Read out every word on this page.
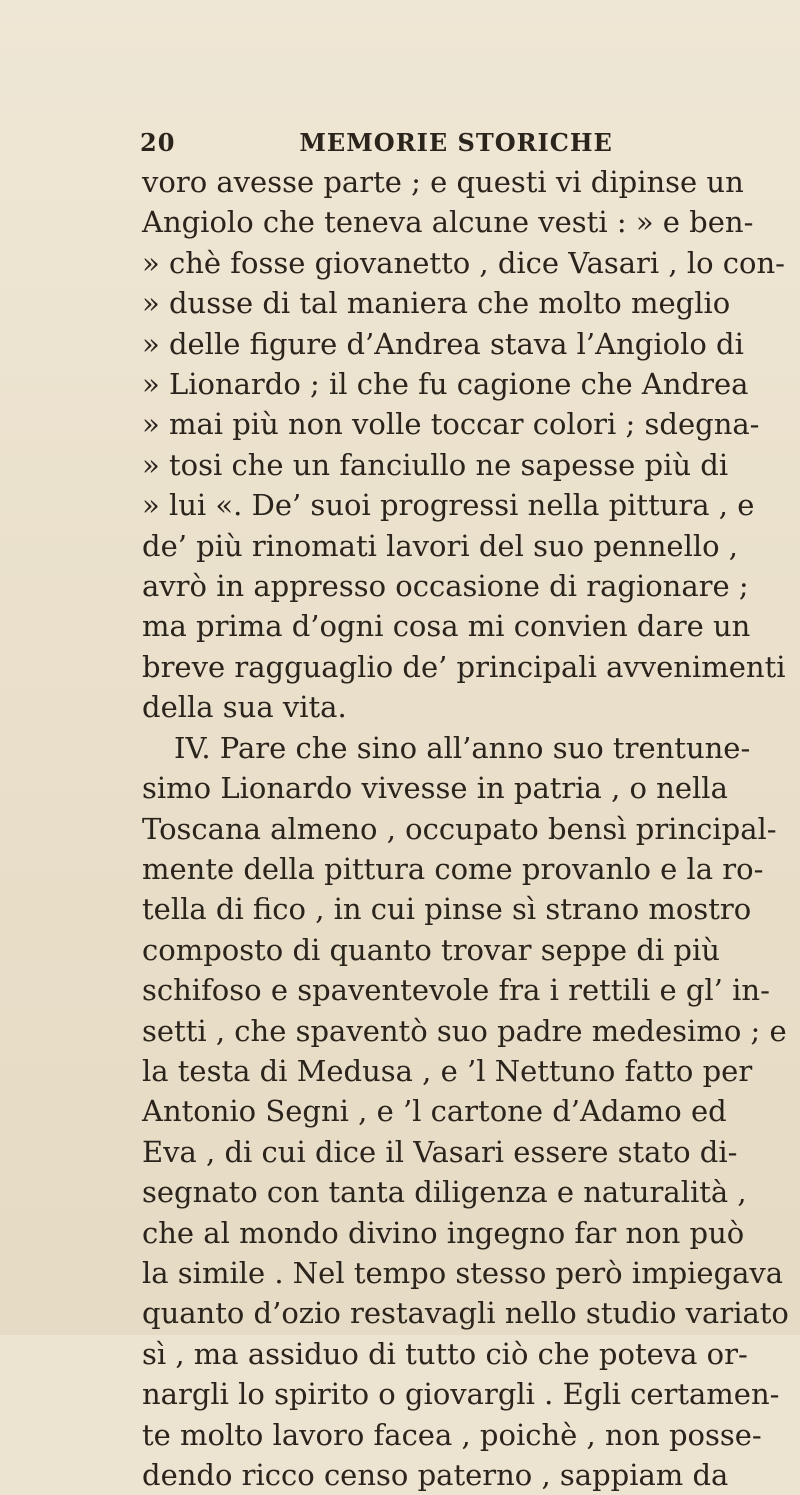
20	MEMORIE STORICHE
voro avesse parte ; e questi vi dipinse un
Angiolo che teneva alcune vesti : » e ben-
» chè fosse giovanetto , dice Vasari , lo con-
» dusse di tal maniera che molto meglio
» delle figure d’Andrea stava l’Angiolo di
» Lionardo ; il che fu cagione che Andrea
» mai più non volle toccar colori ; sdegna-
» tosi che un fanciullo ne sapesse più di
» lui «. De’ suoi progressi nella pittura , e
de’ più rinomati lavori del suo pennello ,
avrò in appresso occasione di ragionare ;
ma prima d’ogni cosa mi convien dare un
breve ragguaglio de’ principali avvenimenti
della sua vita.
IV. Pare che sino all’anno suo trentune-
simo Lionardo vivesse in patria , o nella
Toscana almeno , occupato bensì principal-
mente della pittura come provanlo e la ro-
tella di fico , in cui pinse sì strano mostro
composto di quanto trovar seppe di più
schifoso e spaventevole fra i rettili e gl’ in-
setti , che spaventò suo padre medesimo ; e
la testa di Medusa , e ’l Nettuno fatto per
Antonio Segni , e ’l cartone d’Adamo ed
Eva , di cui dice il Vasari essere stato di-
segnato con tanta diligenza e naturalità ,
che al mondo divino ingegno far non può
la simile . Nel tempo stesso però impiegava
quanto d’ozio restavagli nello studio variato
sì , ma assiduo di tutto ciò che poteva or-
nargli lo spirito o giovargli . Egli certamen-
te molto lavoro facea , poichè , non posse-
dendo ricco censo paterno , sappiam da
